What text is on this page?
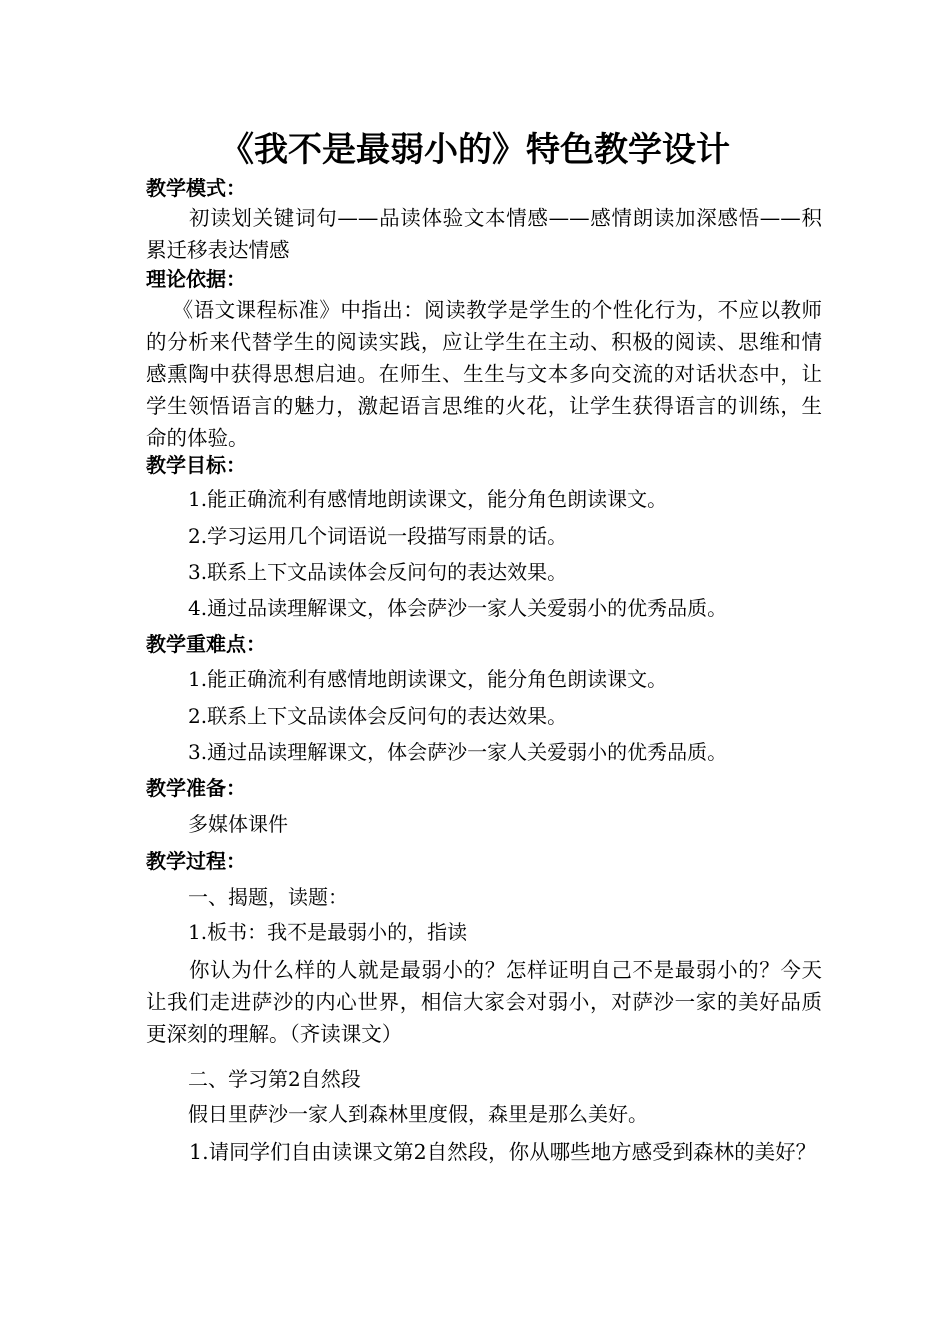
《我不是最弱小的》特色教学设计
教学模式：
初读划关键词句——品读体验文本情感——感情朗读加深感悟——积累迁移表达情感
理论依据：
《语文课程标准》中指出：阅读教学是学生的个性化行为，不应以教师的分析来代替学生的阅读实践，应让学生在主动、积极的阅读、思维和情感熏陶中获得思想启迪。在师生、生生与文本多向交流的对话状态中，让学生领悟语言的魅力，激起语言思维的火花，让学生获得语言的训练，生命的体验。
教学目标：
1.能正确流利有感情地朗读课文，能分角色朗读课文。
2.学习运用几个词语说一段描写雨景的话。
3.联系上下文品读体会反问句的表达效果。
4.通过品读理解课文，体会萨沙一家人关爱弱小的优秀品质。
教学重难点：
1.能正确流利有感情地朗读课文，能分角色朗读课文。
2.联系上下文品读体会反问句的表达效果。
3.通过品读理解课文，体会萨沙一家人关爱弱小的优秀品质。
教学准备：
多媒体课件
教学过程：
一、揭题，读题：
1.板书：我不是最弱小的，指读
你认为什么样的人就是最弱小的？怎样证明自己不是最弱小的？今天让我们走进萨沙的内心世界，相信大家会对弱小，对萨沙一家的美好品质更深刻的理解。（齐读课文）
二、学习第2自然段
假日里萨沙一家人到森林里度假，森里是那么美好。
1.请同学们自由读课文第2自然段，你从哪些地方感受到森林的美好？
